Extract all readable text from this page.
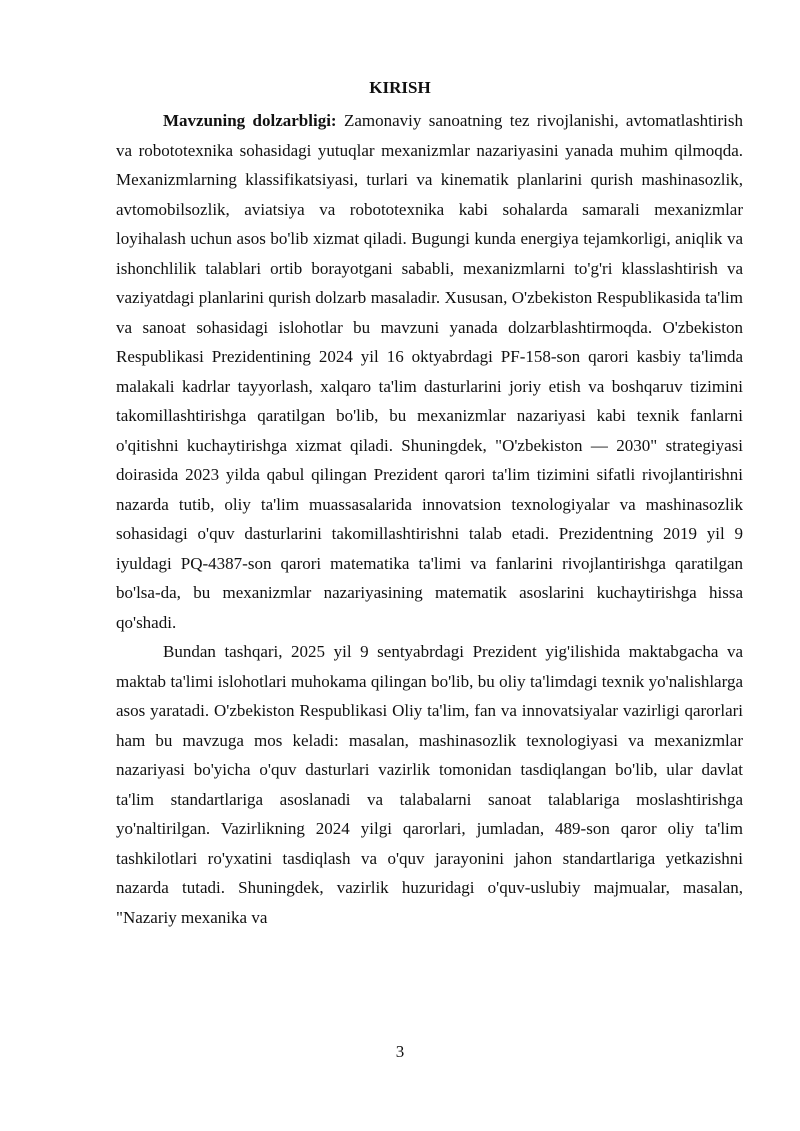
KIRISH

Mavzuning dolzarbligi: Zamonaviy sanoatning tez rivojlanishi, avtomatlashtirish va robototexnika sohasidagi yutuqlar mexanizmlar nazariyasini yanada muhim qilmoqda. Mexanizmlarning klassifikatsiyasi, turlari va kinematik planlarini qurish mashinasozlik, avtomobilsozlik, aviatsiya va robototexnika kabi sohalarda samarali mexanizmlar loyihalash uchun asos bo'lib xizmat qiladi. Bugungi kunda energiya tejamkorligi, aniqlik va ishonchlilik talablari ortib borayotgani sababli, mexanizmlarni to'g'ri klasslashtirish va vaziyatdagi planlarini qurish dolzarb masaladir. Xususan, O'zbekiston Respublikasida ta'lim va sanoat sohasidagi islohotlar bu mavzuni yanada dolzarblashtirmoqda. O'zbekiston Respublikasi Prezidentining 2024 yil 16 oktyabrdagi PF-158-son qarori kasbiy ta'limda malakali kadrlar tayyorlash, xalqaro ta'lim dasturlarini joriy etish va boshqaruv tizimini takomillashtirishga qaratilgan bo'lib, bu mexanizmlar nazariyasi kabi texnik fanlarni o'qitishni kuchaytirishga xizmat qiladi. Shuningdek, "O'zbekiston — 2030" strategiyasi doirasida 2023 yilda qabul qilingan Prezident qarori ta'lim tizimini sifatli rivojlantirishni nazarda tutib, oliy ta'lim muassasalarida innovatsion texnologiyalar va mashinasozlik sohasidagi o'quv dasturlarini takomillashtirishni talab etadi. Prezidentning 2019 yil 9 iyuldagi PQ-4387-son qarori matematika ta'limi va fanlarini rivojlantirishga qaratilgan bo'lsa-da, bu mexanizmlar nazariyasining matematik asoslarini kuchaytirishga hissa qo'shadi.

Bundan tashqari, 2025 yil 9 sentyabrdagi Prezident yig'ilishida maktabgacha va maktab ta'limi islohotlari muhokama qilingan bo'lib, bu oliy ta'limdagi texnik yo'nalishlarga asos yaratadi. O'zbekiston Respublikasi Oliy ta'lim, fan va innovatsiyalar vazirligi qarorlari ham bu mavzuga mos keladi: masalan, mashinasozlik texnologiyasi va mexanizmlar nazariyasi bo'yicha o'quv dasturlari vazirlik tomonidan tasdiqlangan bo'lib, ular davlat ta'lim standartlariga asoslanadi va talabalarni sanoat talablariga moslashtirishga yo'naltirilgan. Vazirlikning 2024 yilgi qarorlari, jumladan, 489-son qaror oliy ta'lim tashkilotlari ro'yxatini tasdiqlash va o'quv jarayonini jahon standartlariga yetkazishni nazarda tutadi. Shuningdek, vazirlik huzuridagi o'quv-uslubiy majmualar, masalan, "Nazariy mexanika va

3
